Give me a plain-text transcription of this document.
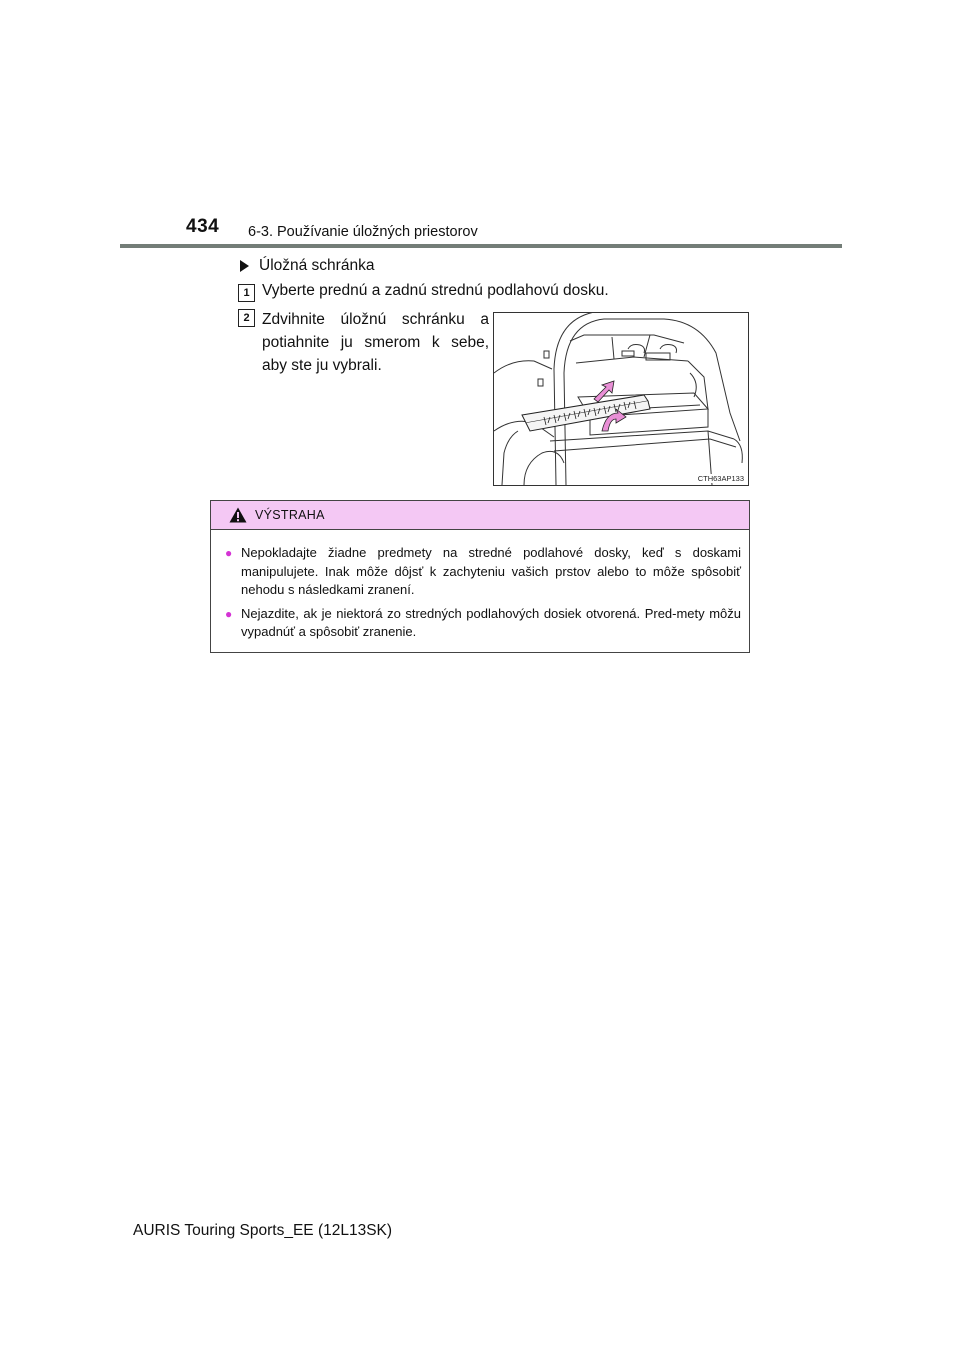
434 6-3. Používanie úložných priestorov
Úložná schránka
1 Vyberte prednú a zadnú strednú podlahovú dosku.
2 Zdvihnite úložnú schránku a potiahnite ju smerom k sebe, aby ste ju vybrali.
CTH63AP133
VÝSTRAHA
● Nepokladajte žiadne predmety na stredné podlahové dosky, keď s doskami manipulujete. Inak môže dôjsť k zachyteniu vašich prstov alebo to môže spôsobiť nehodu s následkami zranení.
● Nejazdite, ak je niektorá zo stredných podlahových dosiek otvorená. Pred-mety môžu vypadnúť a spôsobiť zranenie.
AURIS Touring Sports_EE (12L13SK)
